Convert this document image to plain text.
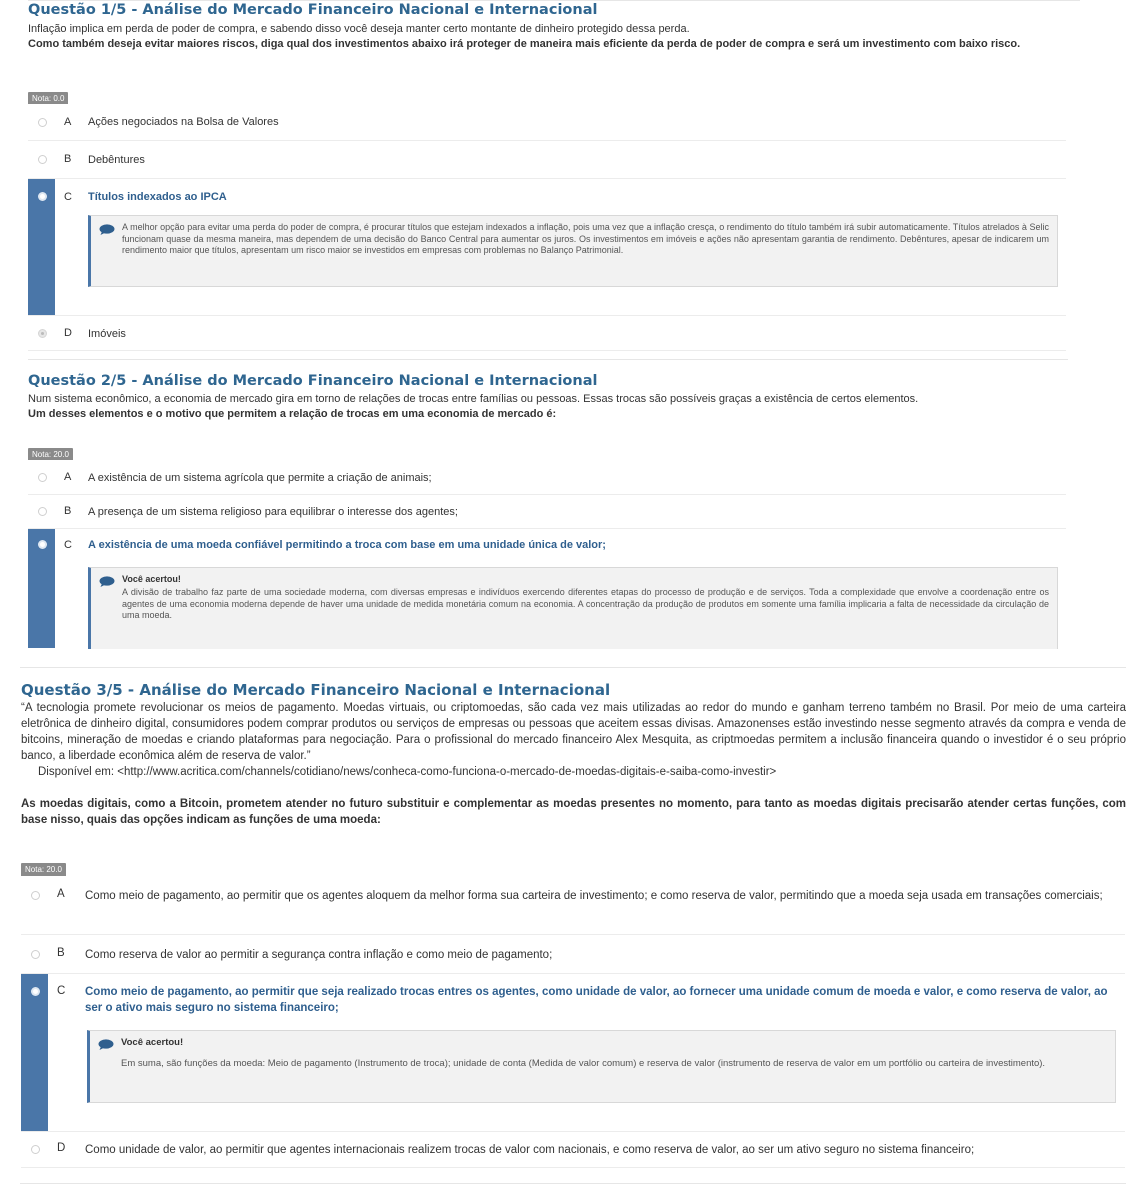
Questão 1/5 - Análise do Mercado Financeiro Nacional e Internacional

Inflação implica em perda de poder de compra, e sabendo disso você deseja manter certo montante de dinheiro protegido dessa perda.

Como também deseja evitar maiores riscos, diga qual dos investimentos abaixo irá proteger de maneira mais eficiente da perda de poder de compra e será um investimento com baixo risco.

Nota: 0.0
A Ações negociados na Bolsa de Valores
B Debêntures
C Títulos indexados ao IPCA
A melhor opção para evitar uma perda do poder de compra, é procurar títulos que estejam indexados a inflação, pois uma vez que a inflação cresça, o rendimento do título também irá subir automaticamente. Títulos atrelados à Selic funcionam quase da mesma maneira, mas dependem de uma decisão do Banco Central para aumentar os juros. Os investimentos em imóveis e ações não apresentam garantia de rendimento. Debêntures, apesar de indicarem um rendimento maior que títulos, apresentam um risco maior se investidos em empresas com problemas no Balanço Patrimonial.
D Imóveis
Questão 2/5 - Análise do Mercado Financeiro Nacional e Internacional

Num sistema econômico, a economia de mercado gira em torno de relações de trocas entre famílias ou pessoas. Essas trocas são possíveis graças a existência de certos elementos.

Um desses elementos e o motivo que permitem a relação de trocas em uma economia de mercado é:

Nota: 20.0
A A existência de um sistema agrícola que permite a criação de animais;
B A presença de um sistema religioso para equilibrar o interesse dos agentes;
C A existência de uma moeda confiável permitindo a troca com base em uma unidade única de valor;
Você acertou!
A divisão de trabalho faz parte de uma sociedade moderna, com diversas empresas e indivíduos exercendo diferentes etapas do processo de produção e de serviços. Toda a complexidade que envolve a coordenação entre os agentes de uma economia moderna depende de haver uma unidade de medida monetária comum na economia. A concentração da produção de produtos em somente uma família implicaria a falta de necessidade da circulação de uma moeda.
Questão 3/5 - Análise do Mercado Financeiro Nacional e Internacional

“A tecnologia promete revolucionar os meios de pagamento. Moedas virtuais, ou criptomoedas, são cada vez mais utilizadas ao redor do mundo e ganham terreno também no Brasil. Por meio de uma carteira eletrônica de dinheiro digital, consumidores podem comprar produtos ou serviços de empresas ou pessoas que aceitem essas divisas. Amazonenses estão investindo nesse segmento através da compra e venda de bitcoins, mineração de moedas e criando plataformas para negociação. Para o profissional do mercado financeiro Alex Mesquita, as criptmoedas permitem a inclusão financeira quando o investidor é o seu próprio banco, a liberdade econômica além de reserva de valor.”

Disponível em: <http://www.acritica.com/channels/cotidiano/news/conheca-como-funciona-o-mercado-de-moedas-digitais-e-saiba-como-investir>

As moedas digitais, como a Bitcoin, prometem atender no futuro substituir e complementar as moedas presentes no momento, para tanto as moedas digitais precisarão atender certas funções, com base nisso, quais das opções indicam as funções de uma moeda:

Nota: 20.0
A Como meio de pagamento, ao permitir que os agentes aloquem da melhor forma sua carteira de investimento; e como reserva de valor, permitindo que a moeda seja usada em transações comerciais;
B Como reserva de valor ao permitir a segurança contra inflação e como meio de pagamento;
C Como meio de pagamento, ao permitir que seja realizado trocas entres os agentes, como unidade de valor, ao fornecer uma unidade comum de moeda e valor, e como reserva de valor, ao ser o ativo mais seguro no sistema financeiro;
Você acertou!
Em suma, são funções da moeda: Meio de pagamento (Instrumento de troca); unidade de conta (Medida de valor comum) e reserva de valor (instrumento de reserva de valor em um portfólio ou carteira de investimento).
D Como unidade de valor, ao permitir que agentes internacionais realizem trocas de valor com nacionais, e como reserva de valor, ao ser um ativo seguro no sistema financeiro;
